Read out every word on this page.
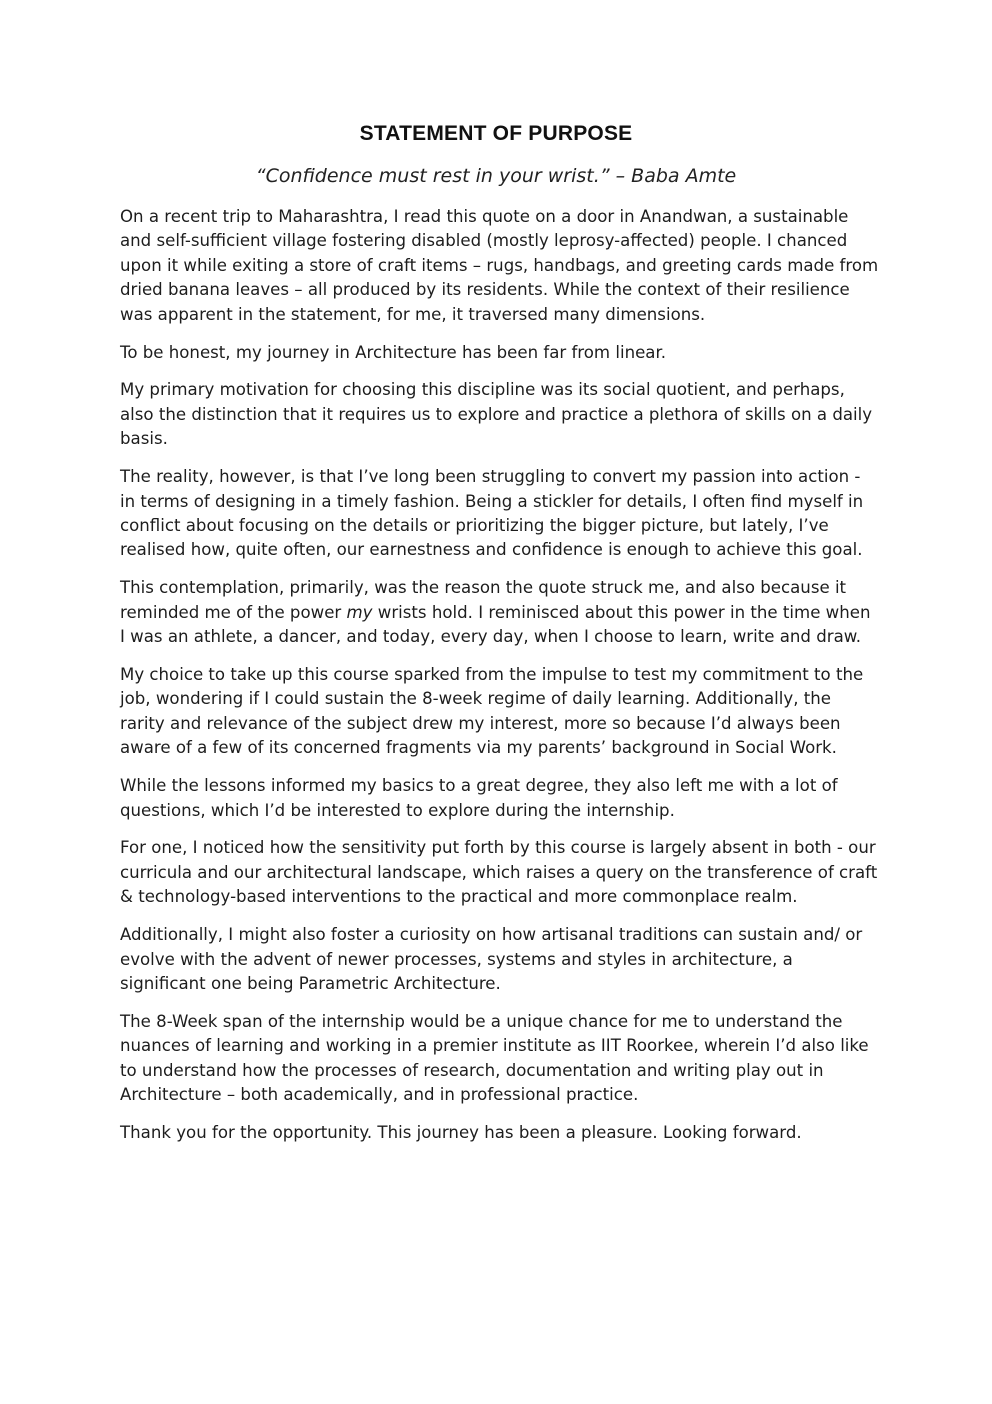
STATEMENT OF PURPOSE

“Confidence must rest in your wrist.” – Baba Amte

On a recent trip to Maharashtra, I read this quote on a door in Anandwan, a sustainable and self-sufficient village fostering disabled (mostly leprosy-affected) people. I chanced upon it while exiting a store of craft items – rugs, handbags, and greeting cards made from dried banana leaves – all produced by its residents. While the context of their resilience was apparent in the statement, for me, it traversed many dimensions.

To be honest, my journey in Architecture has been far from linear.

My primary motivation for choosing this discipline was its social quotient, and perhaps, also the distinction that it requires us to explore and practice a plethora of skills on a daily basis.

The reality, however, is that I’ve long been struggling to convert my passion into action - in terms of designing in a timely fashion. Being a stickler for details, I often find myself in conflict about focusing on the details or prioritizing the bigger picture, but lately, I’ve realised how, quite often, our earnestness and confidence is enough to achieve this goal.

This contemplation, primarily, was the reason the quote struck me, and also because it reminded me of the power my wrists hold. I reminisced about this power in the time when I was an athlete, a dancer, and today, every day, when I choose to learn, write and draw.

My choice to take up this course sparked from the impulse to test my commitment to the job, wondering if I could sustain the 8-week regime of daily learning. Additionally, the rarity and relevance of the subject drew my interest, more so because I’d always been aware of a few of its concerned fragments via my parents’ background in Social Work.

While the lessons informed my basics to a great degree, they also left me with a lot of questions, which I’d be interested to explore during the internship.

For one, I noticed how the sensitivity put forth by this course is largely absent in both - our curricula and our architectural landscape, which raises a query on the transference of craft & technology-based interventions to the practical and more commonplace realm.

Additionally, I might also foster a curiosity on how artisanal traditions can sustain and/ or evolve with the advent of newer processes, systems and styles in architecture, a significant one being Parametric Architecture.

The 8-Week span of the internship would be a unique chance for me to understand the nuances of learning and working in a premier institute as IIT Roorkee, wherein I’d also like to understand how the processes of research, documentation and writing play out in Architecture – both academically, and in professional practice.

Thank you for the opportunity. This journey has been a pleasure. Looking forward.
